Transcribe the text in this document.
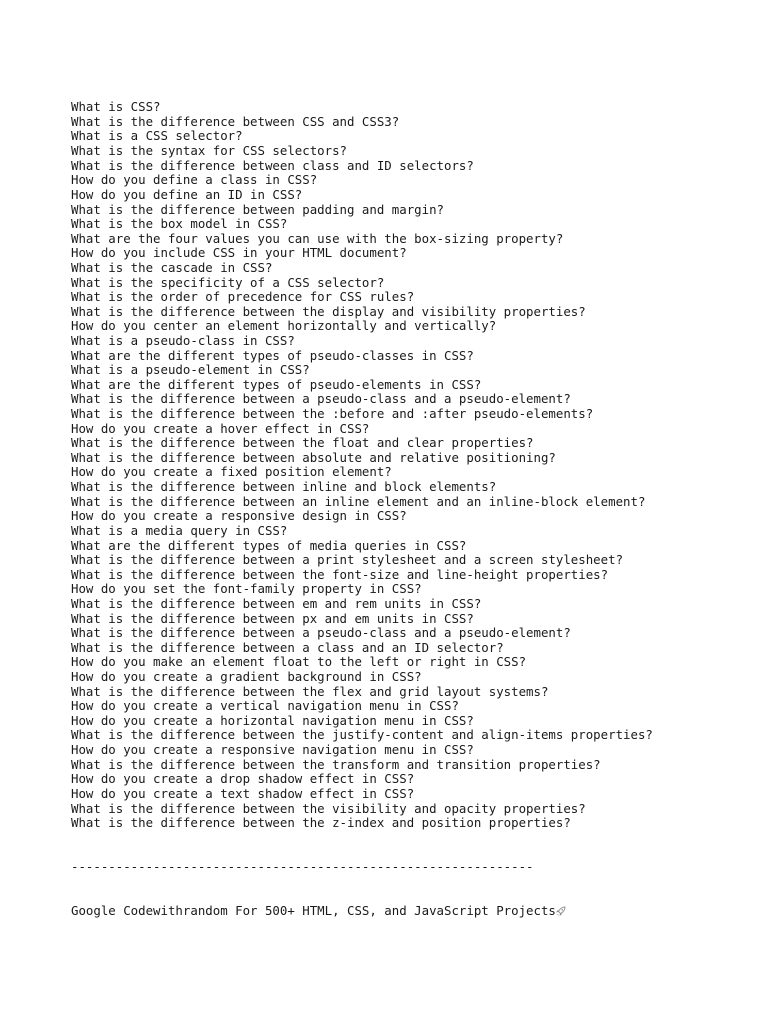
What is CSS?
What is the difference between CSS and CSS3?
What is a CSS selector?
What is the syntax for CSS selectors?
What is the difference between class and ID selectors?
How do you define a class in CSS?
How do you define an ID in CSS?
What is the difference between padding and margin?
What is the box model in CSS?
What are the four values you can use with the box-sizing property?
How do you include CSS in your HTML document?
What is the cascade in CSS?
What is the specificity of a CSS selector?
What is the order of precedence for CSS rules?
What is the difference between the display and visibility properties?
How do you center an element horizontally and vertically?
What is a pseudo-class in CSS?
What are the different types of pseudo-classes in CSS?
What is a pseudo-element in CSS?
What are the different types of pseudo-elements in CSS?
What is the difference between a pseudo-class and a pseudo-element?
What is the difference between the :before and :after pseudo-elements?
How do you create a hover effect in CSS?
What is the difference between the float and clear properties?
What is the difference between absolute and relative positioning?
How do you create a fixed position element?
What is the difference between inline and block elements?
What is the difference between an inline element and an inline-block element?
How do you create a responsive design in CSS?
What is a media query in CSS?
What are the different types of media queries in CSS?
What is the difference between a print stylesheet and a screen stylesheet?
What is the difference between the font-size and line-height properties?
How do you set the font-family property in CSS?
What is the difference between em and rem units in CSS?
What is the difference between px and em units in CSS?
What is the difference between a pseudo-class and a pseudo-element?
What is the difference between a class and an ID selector?
How do you make an element float to the left or right in CSS?
How do you create a gradient background in CSS?
What is the difference between the flex and grid layout systems?
How do you create a vertical navigation menu in CSS?
How do you create a horizontal navigation menu in CSS?
What is the difference between the justify-content and align-items properties?
How do you create a responsive navigation menu in CSS?
What is the difference between the transform and transition properties?
How do you create a drop shadow effect in CSS?
How do you create a text shadow effect in CSS?
What is the difference between the visibility and opacity properties?
What is the difference between the z-index and position properties?

--------------------------------------------------------------

Google Codewithrandom For 500+ HTML, CSS, and JavaScript Projects
